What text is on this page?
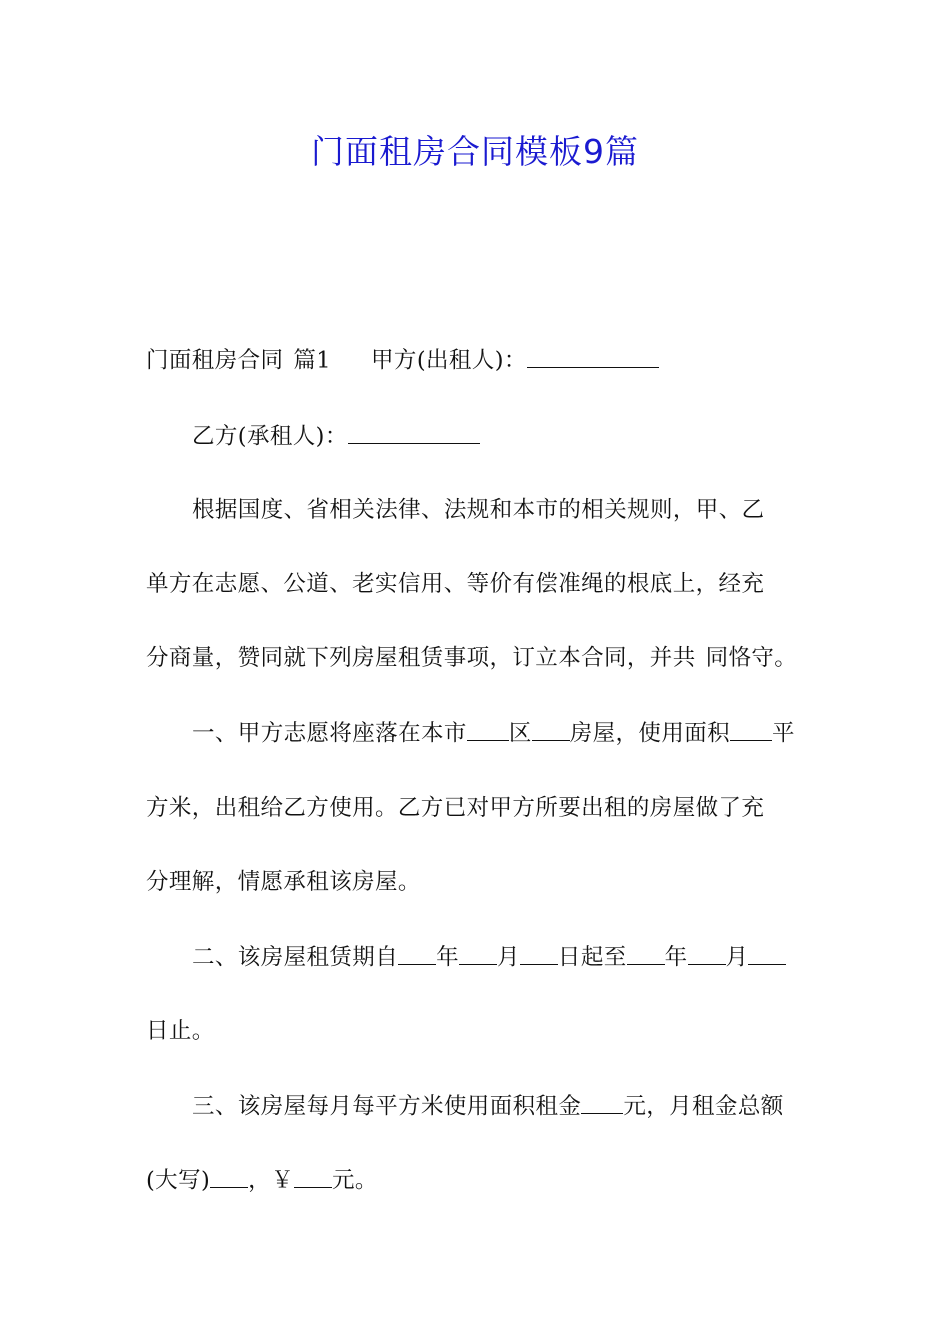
门面租房合同模板9篇

门面租房合同 篇1 甲方(出租人)：

乙方(承租人)：

根据国度、省相关法律、法规和本市的相关规则，甲、乙

单方在志愿、公道、老实信用、等价有偿准绳的根底上，经充

分商量，赞同就下列房屋租赁事项，订立本合同，并共 同恪守。

一、甲方志愿将座落在本市 区 房屋，使用面积 平

方米，出租给乙方使用。乙方已对甲方所要出租的房屋做了充

分理解，情愿承租该房屋。

二、该房屋租赁期自 年 月 日起至 年 月

日止。

三、该房屋每月每平方米使用面积租金 元，月租金总额

(大写) ，￥ 元。
